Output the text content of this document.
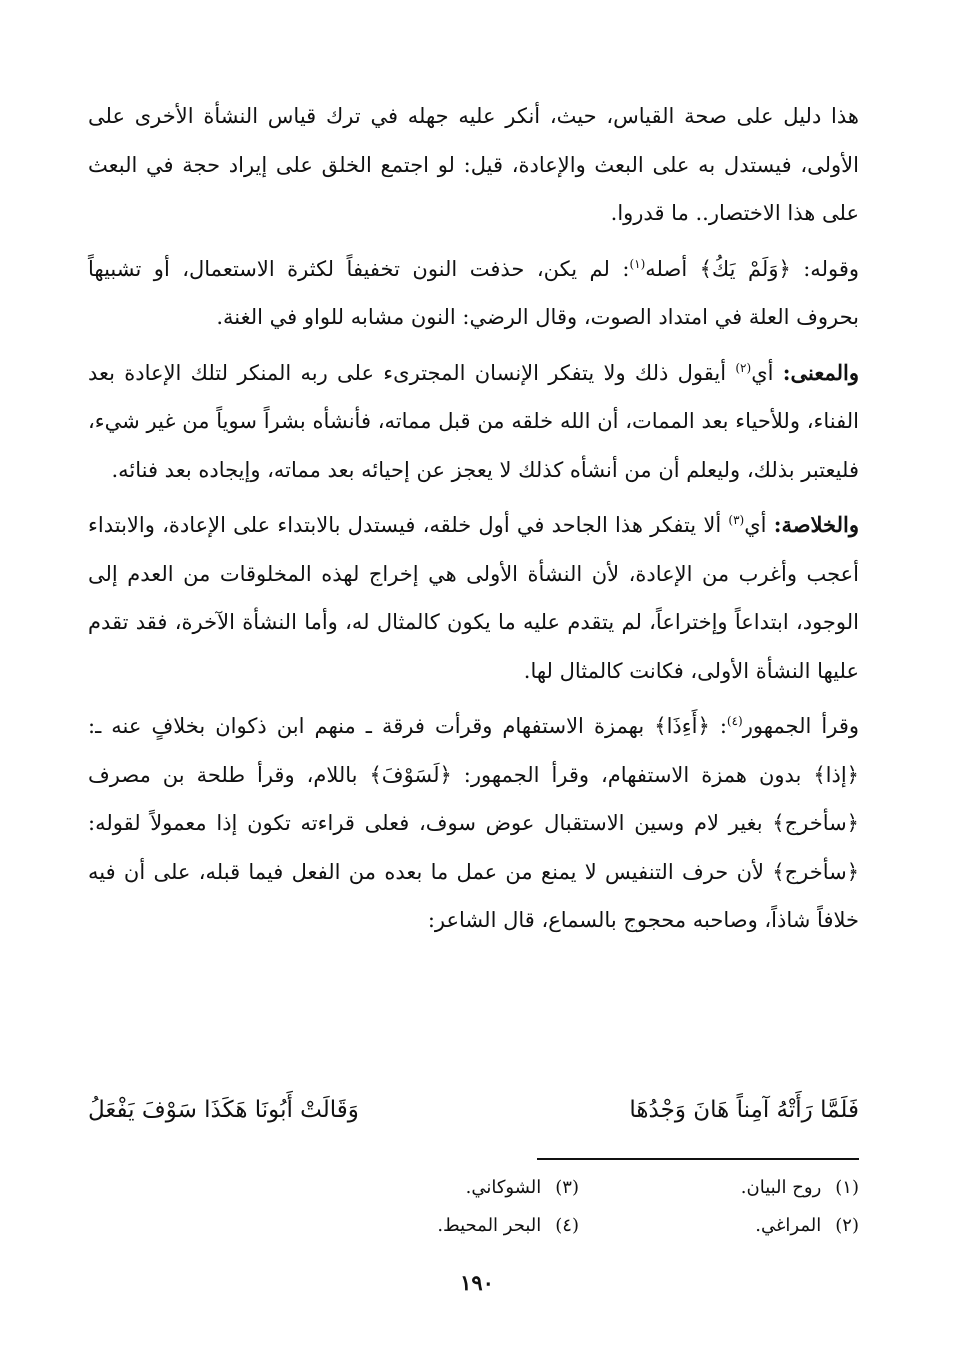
هذا دليل على صحة القياس، حيث، أنكر عليه جهله في ترك قياس النشأة الأخرى على الأولى، فيستدل به على البعث والإعادة، قيل: لو اجتمع الخلق على إيراد حجة في البعث على هذا الاختصار.. ما قدروا.

وقوله: ﴿وَلَمْ يَكُ﴾ أصله$^{(١)}$: لم يكن، حذفت النون تخفيفاً لكثرة الاستعمال، أو تشبيهاً بحروف العلة في امتداد الصوت، وقال الرضي: النون مشابه للواو في الغنة.

والمعنى: أي$^{(٢)}$ أيقول ذلك ولا يتفكر الإنسان المجترىء على ربه المنكر لتلك الإعادة بعد الفناء، وللأحياء بعد الممات، أن الله خلقه من قبل مماته، فأنشأه بشراً سوياً من غير شيء، فليعتبر بذلك، وليعلم أن من أنشأه كذلك لا يعجز عن إحيائه بعد مماته، وإيجاده بعد فنائه.

والخلاصة: أي$^{(٣)}$ ألا يتفكر هذا الجاحد في أول خلقه، فيستدل بالابتداء على الإعادة، والابتداء أعجب وأغرب من الإعادة، لأن النشأة الأولى هي إخراج لهذه المخلوقات من العدم إلى الوجود، ابتداعاً وإختراعاً، لم يتقدم عليه ما يكون كالمثال له، وأما النشأة الآخرة، فقد تقدم عليها النشأة الأولى، فكانت كالمثال لها.

وقرأ الجمهور$^{(٤)}$: ﴿أَءِذَا﴾ بهمزة الاستفهام وقرأت فرقة ـ منهم ابن ذكوان بخلافٍ عنه ـ: ﴿إذا﴾ بدون همزة الاستفهام، وقرأ الجمهور: ﴿لَسَوْفَ﴾ باللام، وقرأ طلحة بن مصرف ﴿سأخرج﴾ بغير لام وسين الاستقبال عوض سوف، فعلى قراءته تكون إذا معمولاً لقوله: ﴿سأخرج﴾ لأن حرف التنفيس لا يمنع من عمل ما بعده من الفعل فيما قبله، على أن فيه خلافاً شاذاً، وصاحبه محجوج بالسماع، قال الشاعر:

فَلَمَّا رَأَتْهُ آمِناً هَانَ وَجْدُهَا
وَقَالَتْ أَبُونَا هَكَذَا سَوْفَ يَفْعَلُ
(١)روح البيان.
(٣)الشوكاني.
(٢)المراغي.
(٤)البحر المحيط.
١٩٠
